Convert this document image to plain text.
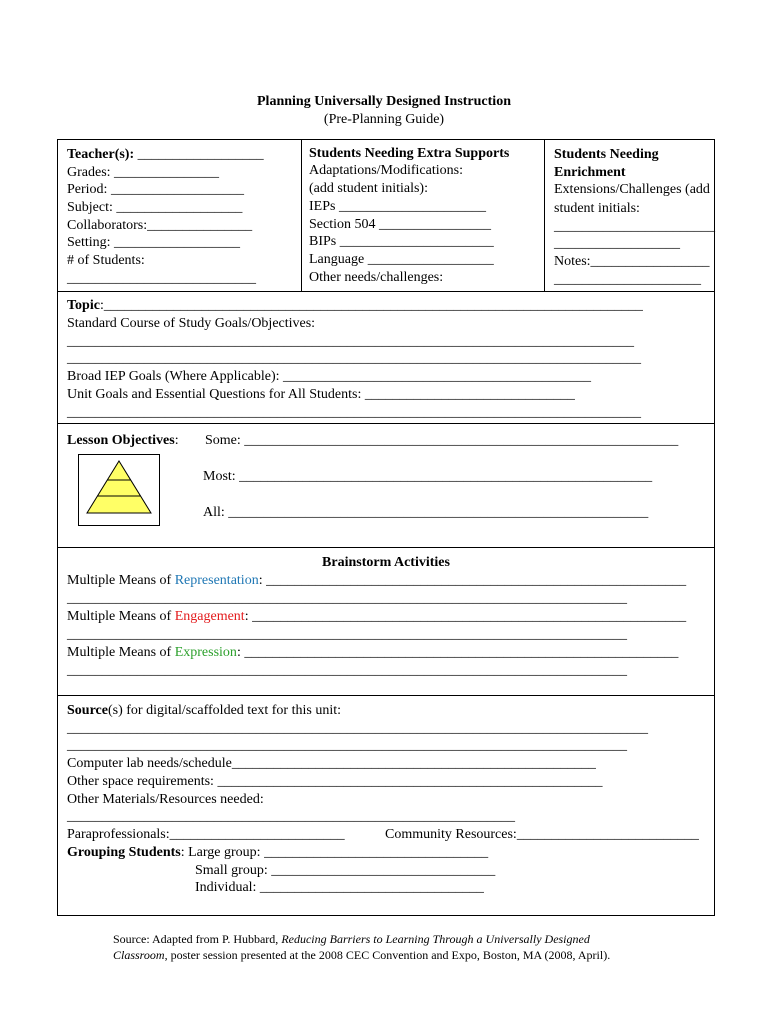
Planning Universally Designed Instruction
(Pre-Planning Guide)
Teacher(s): __________________
Grades: _______________
Period: ___________________
Subject: __________________
Collaborators:_______________
Setting: __________________
# of Students:
___________________________
Students Needing Extra Supports
Adaptations/Modifications:
(add student initials):
IEPs _____________________
Section 504 ________________
BIPs ______________________
Language __________________
Other needs/challenges:
Students Needing
Enrichment
Extensions/Challenges (add
student initials:
_______________________
__________________
Notes:_________________
_____________________
Topic:_____________________________________________________________________________
Standard Course of Study Goals/Objectives:
_________________________________________________________________________________
__________________________________________________________________________________
Broad IEP Goals (Where Applicable): ____________________________________________
Unit Goals and Essential Questions for All Students: ______________________________
__________________________________________________________________________________
Lesson Objectives: Some: ______________________________________________________________
Most: ___________________________________________________________
All: ____________________________________________________________
Brainstorm Activities
Multiple Means of Representation: ____________________________________________________________
________________________________________________________________________________
Multiple Means of Engagement: ______________________________________________________________
________________________________________________________________________________
Multiple Means of Expression: ______________________________________________________________
________________________________________________________________________________
Source(s) for digital/scaffolded text for this unit:
___________________________________________________________________________________
________________________________________________________________________________
Computer lab needs/schedule____________________________________________________
Other space requirements: _______________________________________________________
Other Materials/Resources needed:
________________________________________________________________
Paraprofessionals:_________________________	Community Resources:__________________________
Grouping Students: Large group: ________________________________
Small group: ________________________________
Individual: ________________________________
Source: Adapted from P. Hubbard, Reducing Barriers to Learning Through a Universally Designed
Classroom, poster session presented at the 2008 CEC Convention and Expo, Boston, MA (2008, April).
